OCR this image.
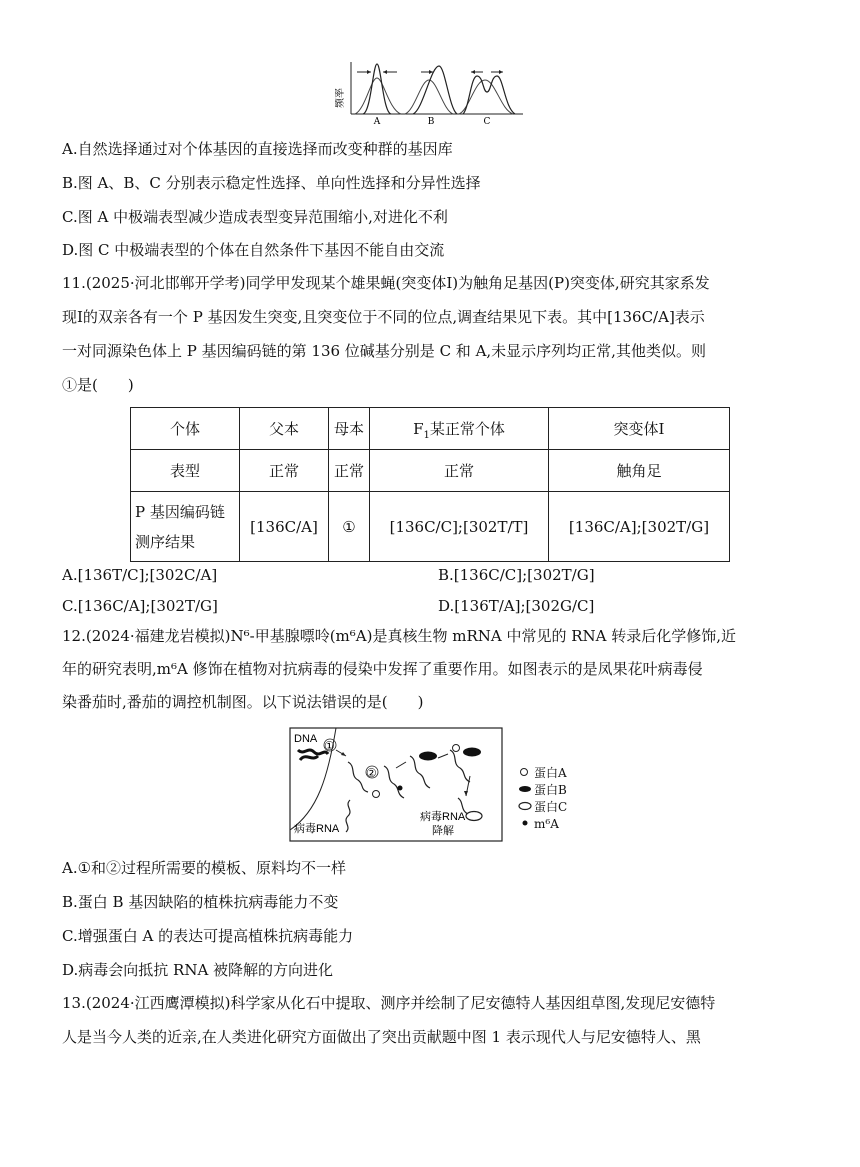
频率
A	B	C
A.自然选择通过对个体基因的直接选择而改变种群的基因库
B.图 A、B、C 分别表示稳定性选择、单向性选择和分异性选择
C.图 A 中极端表型减少造成表型变异范围缩小,对进化不利
D.图 C 中极端表型的个体在自然条件下基因不能自由交流
11.(2025·河北邯郸开学考)同学甲发现某个雄果蝇(突变体Ⅰ)为触角足基因(P)突变体,研究其家系发
现Ⅰ的双亲各有一个 P 基因发生突变,且突变位于不同的位点,调查结果见下表。其中[136C/A]表示
一对同源染色体上 P 基因编码链的第 136 位碱基分别是 C 和 A,未显示序列均正常,其他类似。则
①是(　　)
个体	父本	母本	$F_1$某正常个体	突变体Ⅰ
表型	正常	正常	正常	触角足
P 基因编码链
测序结果	[136C/A]	①	[136C/C];[302T/T]	[136C/A];[302T/G]
A.[136T/C];[302C/A]	B.[136C/C];[302T/G]
C.[136C/A];[302T/G]	D.[136T/A];[302G/C]
12.(2024·福建龙岩模拟)N⁶-甲基腺嘌呤(m⁶A)是真核生物 mRNA 中常见的 RNA 转录后化学修饰,近
年的研究表明,m⁶A 修饰在植物对抗病毒的侵染中发挥了重要作用。如图表示的是凤果花叶病毒侵
染番茄时,番茄的调控机制图。以下说法错误的是(　　)
DNA ①
②
病毒RNA
病毒RNA
降解
蛋白A
蛋白B
蛋白C
m⁶A
A.①和②过程所需要的模板、原料均不一样
B.蛋白 B 基因缺陷的植株抗病毒能力不变
C.增强蛋白 A 的表达可提高植株抗病毒能力
D.病毒会向抵抗 RNA 被降解的方向进化
13.(2024·江西鹰潭模拟)科学家从化石中提取、测序并绘制了尼安德特人基因组草图,发现尼安德特
人是当今人类的近亲,在人类进化研究方面做出了突出贡献题中图 1 表示现代人与尼安德特人、黑
